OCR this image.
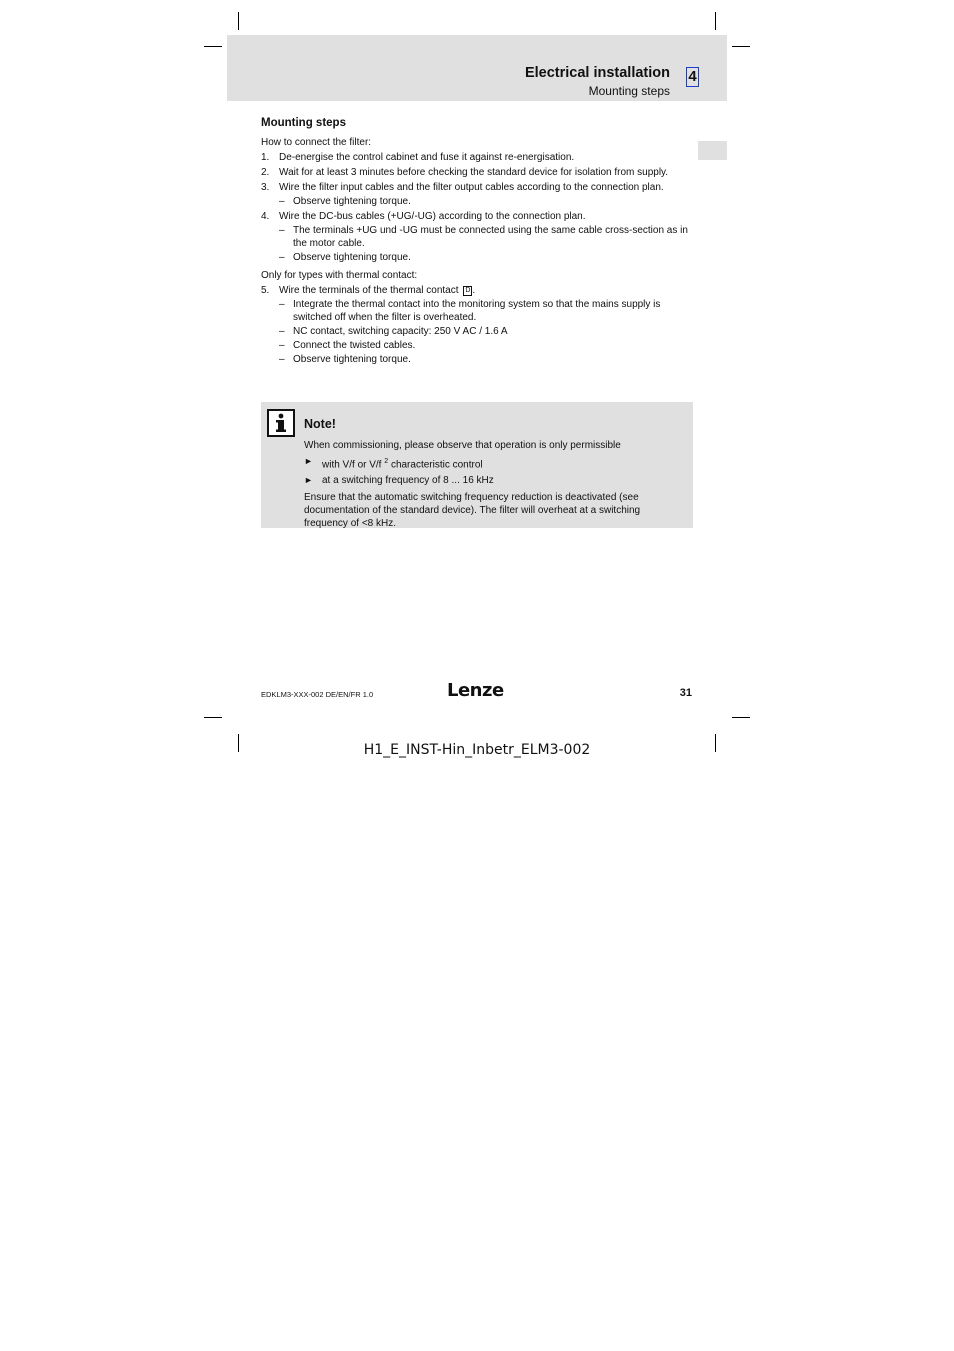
Electrical installation
Mounting steps
4
Mounting steps
How to connect the filter:
1. De-energise the control cabinet and fuse it against re-energisation.
2. Wait for at least 3 minutes before checking the standard device for isolation from supply.
3. Wire the filter input cables and the filter output cables according to the connection plan.
– Observe tightening torque.
4. Wire the DC-bus cables (+UG/-UG) according to the connection plan.
– The terminals +UG und -UG must be connected using the same cable cross-section as in the motor cable.
– Observe tightening torque.
Only for types with thermal contact:
5. Wire the terminals of the thermal contact D .
– Integrate the thermal contact into the monitoring system so that the mains supply is switched off when the filter is overheated.
– NC contact, switching capacity: 250 V AC / 1.6 A
– Connect the twisted cables.
– Observe tightening torque.
Note!
When commissioning, please observe that operation is only permissible
► with V/f or V/f $^2$ characteristic control
► at a switching frequency of 8 ... 16 kHz
Ensure that the automatic switching frequency reduction is deactivated (see documentation of the standard device). The filter will overheat at a switching frequency of <8 kHz.
EDKLM3-XXX-002 DE/EN/FR 1.0	Lenze	31
H1_E_INST-Hin_Inbetr_ELM3-002
